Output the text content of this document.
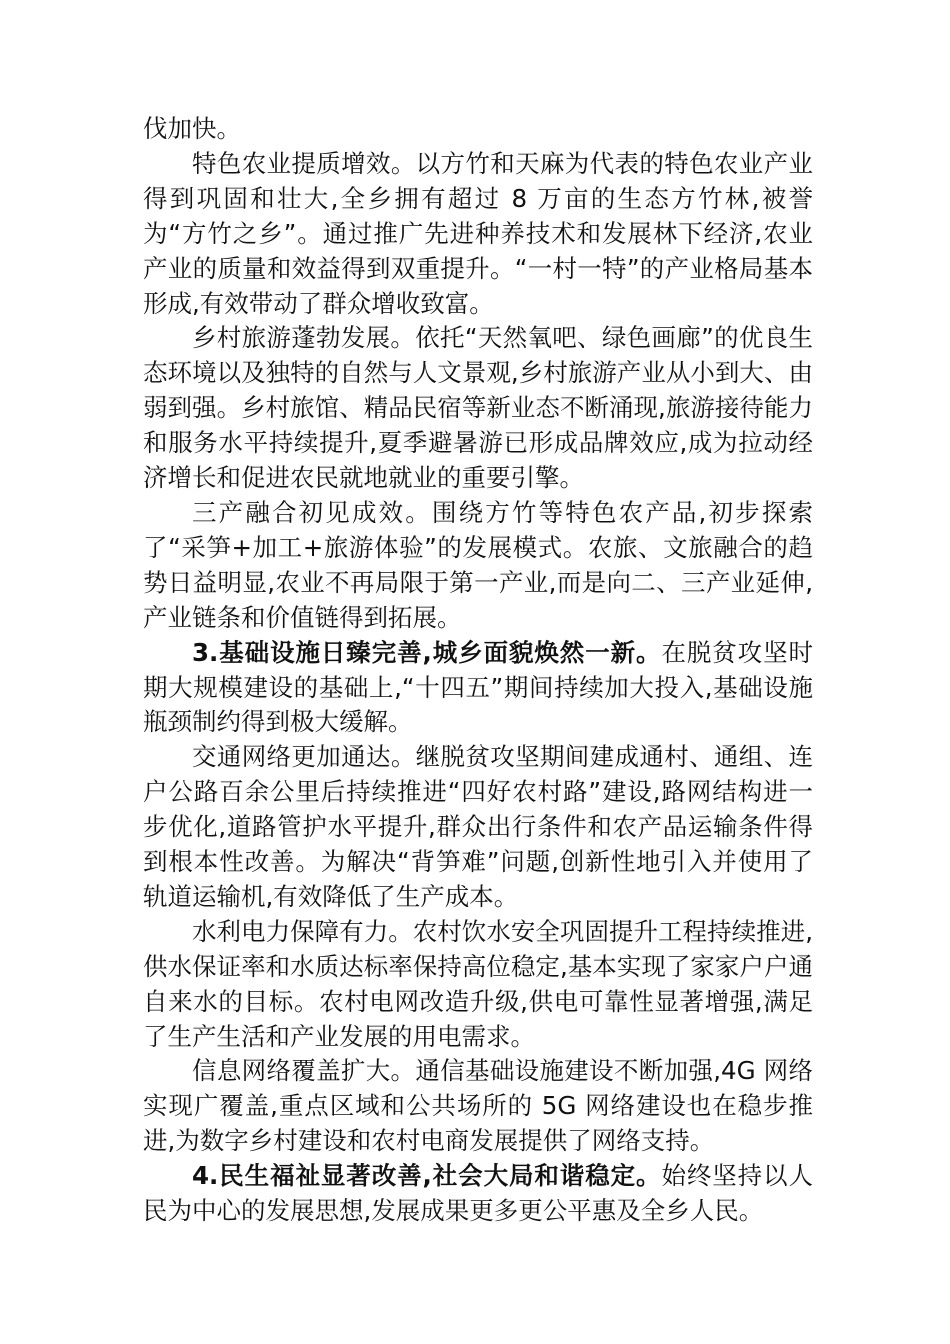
伐加快。

特色农业提质增效。以方竹和天麻为代表的特色农业产业得到巩固和壮大,全乡拥有超过 8 万亩的生态方竹林,被誉为“方竹之乡”。通过推广先进种养技术和发展林下经济,农业产业的质量和效益得到双重提升。“一村一特”的产业格局基本形成,有效带动了群众增收致富。

乡村旅游蓬勃发展。依托“天然氧吧、绿色画廊”的优良生态环境以及独特的自然与人文景观,乡村旅游产业从小到大、由弱到强。乡村旅馆、精品民宿等新业态不断涌现,旅游接待能力和服务水平持续提升,夏季避暑游已形成品牌效应,成为拉动经济增长和促进农民就地就业的重要引擎。

三产融合初见成效。围绕方竹等特色农产品,初步探索了“采笋+加工+旅游体验”的发展模式。农旅、文旅融合的趋势日益明显,农业不再局限于第一产业,而是向二、三产业延伸,产业链条和价值链得到拓展。

3.基础设施日臻完善,城乡面貌焕然一新。在脱贫攻坚时期大规模建设的基础上,“十四五”期间持续加大投入,基础设施瓶颈制约得到极大缓解。

交通网络更加通达。继脱贫攻坚期间建成通村、通组、连户公路百余公里后持续推进“四好农村路”建设,路网结构进一步优化,道路管护水平提升,群众出行条件和农产品运输条件得到根本性改善。为解决“背笋难”问题,创新性地引入并使用了轨道运输机,有效降低了生产成本。

水利电力保障有力。农村饮水安全巩固提升工程持续推进,供水保证率和水质达标率保持高位稳定,基本实现了家家户户通自来水的目标。农村电网改造升级,供电可靠性显著增强,满足了生产生活和产业发展的用电需求。

信息网络覆盖扩大。通信基础设施建设不断加强,4G 网络实现广覆盖,重点区域和公共场所的 5G 网络建设也在稳步推进,为数字乡村建设和农村电商发展提供了网络支持。

4.民生福祉显著改善,社会大局和谐稳定。始终坚持以人民为中心的发展思想,发展成果更多更公平惠及全乡人民。
